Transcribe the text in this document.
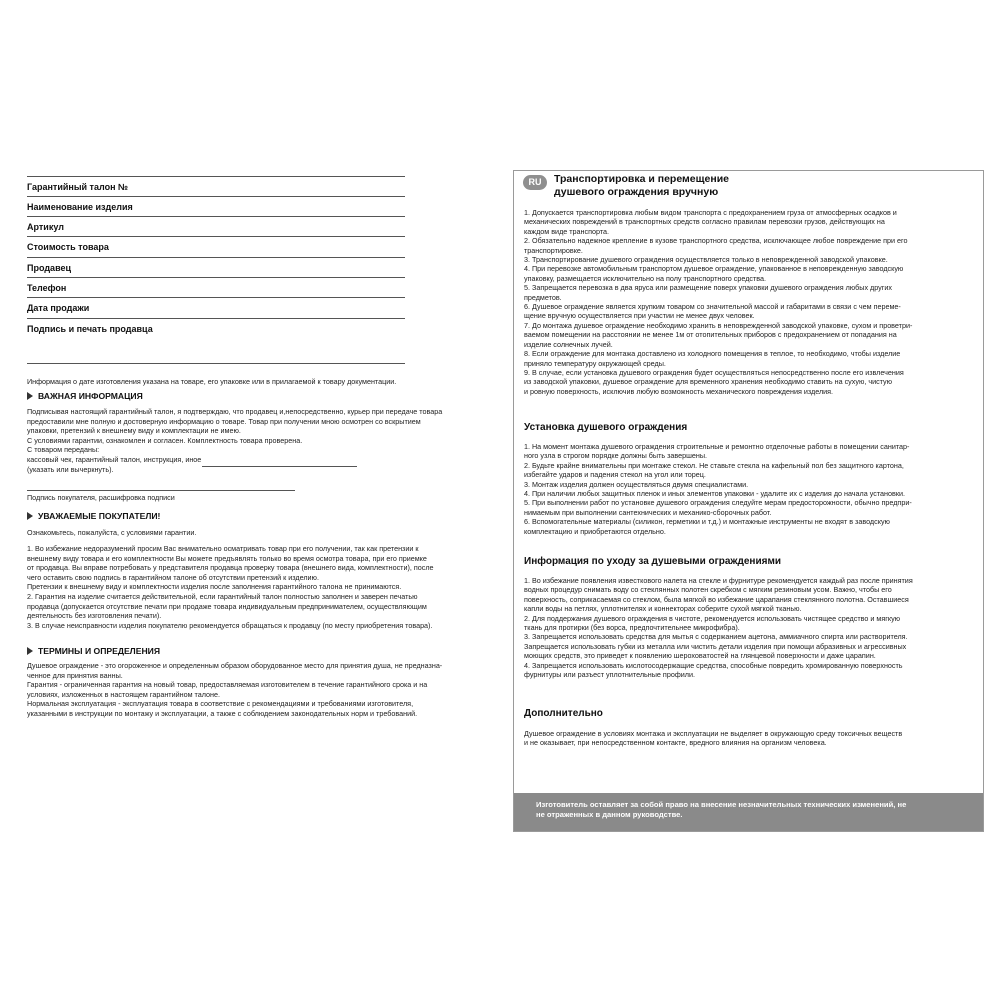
Гарантийный талон №
Наименование изделия
Артикул
Стоимость товара
Продавец
Телефон
Дата продажи
Подпись и печать продавца
Информация о дате изготовления указана на товаре, его упаковке или в прилагаемой к товару документации.
ВАЖНАЯ ИНФОРМАЦИЯ

Подписывая настоящий гарантийный талон, я подтверждаю, что продавец и,непосредственно, курьер при передаче товара

предоставили мне полную и достоверную информацию о товаре. Товар при получении мною осмотрен со вскрытием

упаковки, претензий к внешнему виду и комплектации не имею.

С условиями гарантии, ознакомлен и согласен. Комплектность товара проверена.

С товаром переданы:

кассовый чек, гарантийный талон, инструкция, иное

(указать или вычеркнуть).

Подпись покупателя, расшифровка подписи
УВАЖАЕМЫЕ ПОКУПАТЕЛИ!
Ознакомьтесь, пожалуйста, с условиями гарантии.

1. Во избежание недоразумений просим Вас внимательно осматривать товар при его получении, так как претензии к

внешнему виду товара и его комплектности Вы можете предъявлять только во время осмотра товара, при его приемке

от продавца. Вы вправе потребовать у представителя продавца проверку товара (внешнего вида, комплектности), после

чего оставить свою подпись в гарантийном талоне об отсутствии претензий к изделию.

Претензии к внешнему виду и комплектности изделия после заполнения гарантийного талона не принимаются.

2. Гарантия на изделие считается действительной, если гарантийный талон полностью заполнен и заверен печатью

продавца (допускается отсутствие печати при продаже товара индивидуальным предпринимателем, осуществляющим

деятельность без изготовления печати).

3. В случае неисправности изделия покупателю рекомендуется обращаться к продавцу (по месту приобретения товара).

ТЕРМИНЫ И ОПРЕДЕЛЕНИЯ

Душевое ограждение - это огороженное и определенным образом оборудованное место для принятия душа, не предназна-

ченное для принятия ванны.

Гарантия - ограниченная гарантия на новый товар, предоставляемая изготовителем в течение гарантийного срока и на

условиях, изложенных в настоящем гарантийном талоне.

Нормальная эксплуатация - эксплуатация товара в соответствие с рекомендациями и требованиями изготовителя,

указанными в инструкции по монтажу и эксплуатации, а также с соблюдением законодательных норм и требований.

RU	Транспортировка и перемещение
душевого ограждения вручную

1. Допускается транспортировка любым видом транспорта с предохранением груза от атмосферных осадков и

механических повреждений в транспортных средств согласно правилам перевозки грузов, действующих на

каждом виде транспорта.

2. Обязательно надежное крепление в кузове транспортного средства, исключающее любое повреждение при его

транспортировке.

3. Транспортирование душевого ограждения осуществляется только в неповрежденной заводской упаковке.

4. При перевозке автомобильным транспортом душевое ограждение, упакованное в неповрежденную заводскую

упаковку, размещается исключительно на полу транспортного средства.

5. Запрещается перевозка в два яруса или размещение поверх упаковки душевого ограждения любых других

предметов.

6. Душевое ограждение является хрупким товаром со значительной массой и габаритами в связи с чем переме-

щение вручную осуществляется при участии не менее двух человек.

7. До монтажа душевое ограждение необходимо хранить в неповрежденной заводской упаковке, сухом и проветри-

ваемом помещении на расстоянии не менее 1м от отопительных приборов с предохранением от попадания на

изделие солнечных лучей.

8. Если ограждение для монтажа доставлено из холодного помещения в теплое, то необходимо, чтобы изделие

приняло температуру окружающей среды.

9. В случае, если установка душевого ограждения будет осуществляться непосредственно после его извлечения

из заводской упаковки, душевое ограждение для временного хранения необходимо ставить на сухую, чистую

и ровную поверхность, исключив любую возможность механического повреждения изделия.

Установка душевого ограждения

1. На момент монтажа душевого ограждения строительные и ремонтно отделочные работы в помещении санитар-

ного узла в строгом порядке должны быть завершены.

2. Будьте крайне внимательны при монтаже стекол. Не ставьте стекла на кафельный пол без защитного картона,

избегайте ударов и падения стекол на угол или торец.

3. Монтаж изделия должен осуществляться двумя специалистами.

4. При наличии любых защитных пленок и иных элементов упаковки - удалите их с изделия до начала установки.

5. При выполнении работ по установке душевого ограждения следуйте мерам предосторожности, обычно предпри-

нимаемым при выполнении сантехнических и механико-сборочных работ.

6. Вспомогательные материалы (силикон, герметики и т.д.) и монтажные инструменты не входят в заводскую

комплектацию и приобретаются отдельно.

Информация по уходу за душевыми ограждениями

1. Во избежание появления известкового налета на стекле и фурнитуре рекомендуется каждый раз после принятия

водных процедур снимать воду со стеклянных полотен скребком с мягким резиновым усом. Важно, чтобы его

поверхность, соприкасаемая со стеклом, была мягкой во избежание царапания стеклянного полотна. Оставшиеся

капли воды на петлях, уплотнителях и коннекторах соберите сухой мягкой тканью.

2. Для поддержания душевого ограждения в чистоте, рекомендуется использовать чистящее средство и мягкую

ткань для протирки (без ворса, предпочтительнее микрофибра).

3. Запрещается использовать средства для мытья с содержанием ацетона, аммиачного спирта или растворителя.

Запрещается использовать губки из металла или чистить детали изделия при помощи абразивных и агрессивных

моющих средств, это приведет к появлению шероховатостей на глянцевой поверхности и даже царапин.

4. Запрещается использовать кислотосодержащие средства, способные повредить хромированную поверхность

фурнитуры или разъест уплотнительные профили.

Дополнительно

Душевое ограждение в условиях монтажа и эксплуатации не выделяет в окружающую среду токсичных веществ

и не оказывает, при непосредственном контакте, вредного влияния на организм человека.

Изготовитель оставляет за собой право на внесение незначительных технических изменений, не
не отраженных в данном руководстве.
